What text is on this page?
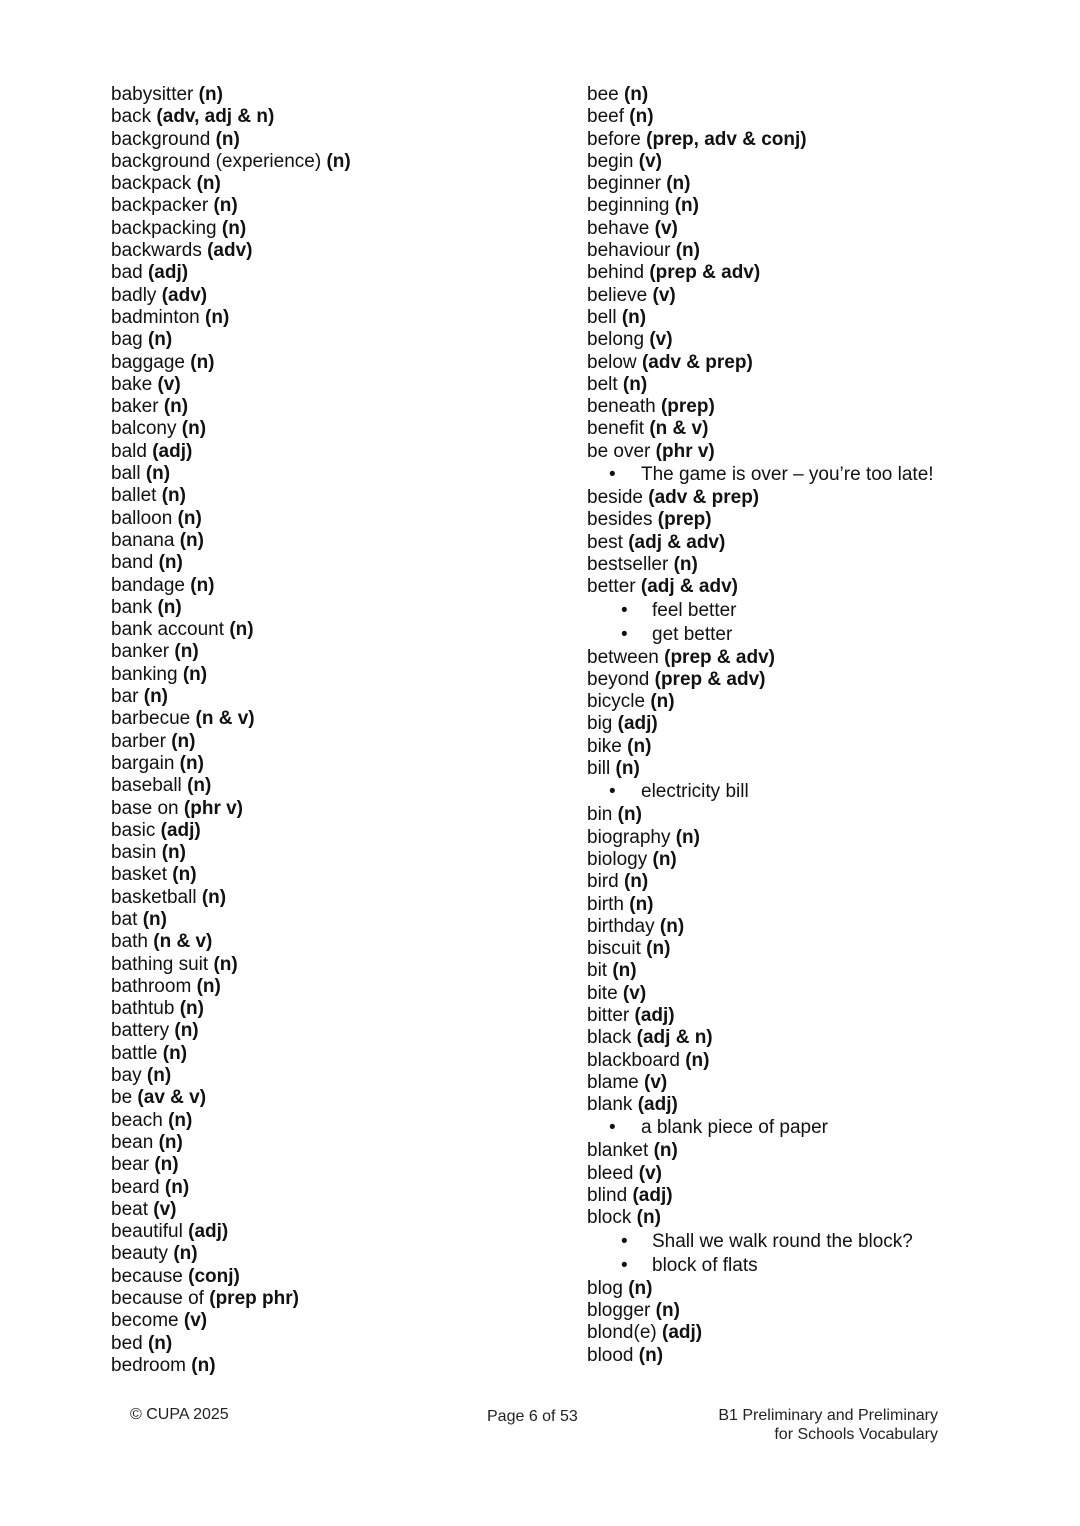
babysitter (n)
back (adv, adj & n)
background (n)
background (experience) (n)
backpack (n)
backpacker (n)
backpacking (n)
backwards (adv)
bad (adj)
badly (adv)
badminton (n)
bag (n)
baggage (n)
bake (v)
baker (n)
balcony (n)
bald (adj)
ball (n)
ballet (n)
balloon (n)
banana (n)
band (n)
bandage (n)
bank (n)
bank account (n)
banker (n)
banking (n)
bar (n)
barbecue (n & v)
barber (n)
bargain (n)
baseball (n)
base on (phr v)
basic (adj)
basin (n)
basket (n)
basketball (n)
bat (n)
bath (n & v)
bathing suit (n)
bathroom (n)
bathtub (n)
battery (n)
battle (n)
bay (n)
be (av & v)
beach (n)
bean (n)
bear (n)
beard (n)
beat (v)
beautiful (adj)
beauty (n)
because (conj)
because of (prep phr)
become (v)
bed (n)
bedroom (n)
bee (n)
beef (n)
before (prep, adv & conj)
begin (v)
beginner (n)
beginning (n)
behave (v)
behaviour (n)
behind (prep & adv)
believe (v)
bell (n)
belong (v)
below (adv & prep)
belt (n)
beneath (prep)
benefit (n & v)
be over (phr v)
• The game is over – you’re too late!
beside (adv & prep)
besides (prep)
best (adj & adv)
bestseller (n)
better (adj & adv)
• feel better
• get better
between (prep & adv)
beyond (prep & adv)
bicycle (n)
big (adj)
bike (n)
bill (n)
• electricity bill
bin (n)
biography (n)
biology (n)
bird (n)
birth (n)
birthday (n)
biscuit (n)
bit (n)
bite (v)
bitter (adj)
black (adj & n)
blackboard (n)
blame (v)
blank (adj)
• a blank piece of paper
blanket (n)
bleed (v)
blind (adj)
block (n)
• Shall we walk round the block?
• block of flats
blog (n)
blogger (n)
blond(e) (adj)
blood (n)
© CUPA 2025	Page 6 of 53	B1 Preliminary and Preliminary
for Schools Vocabulary
